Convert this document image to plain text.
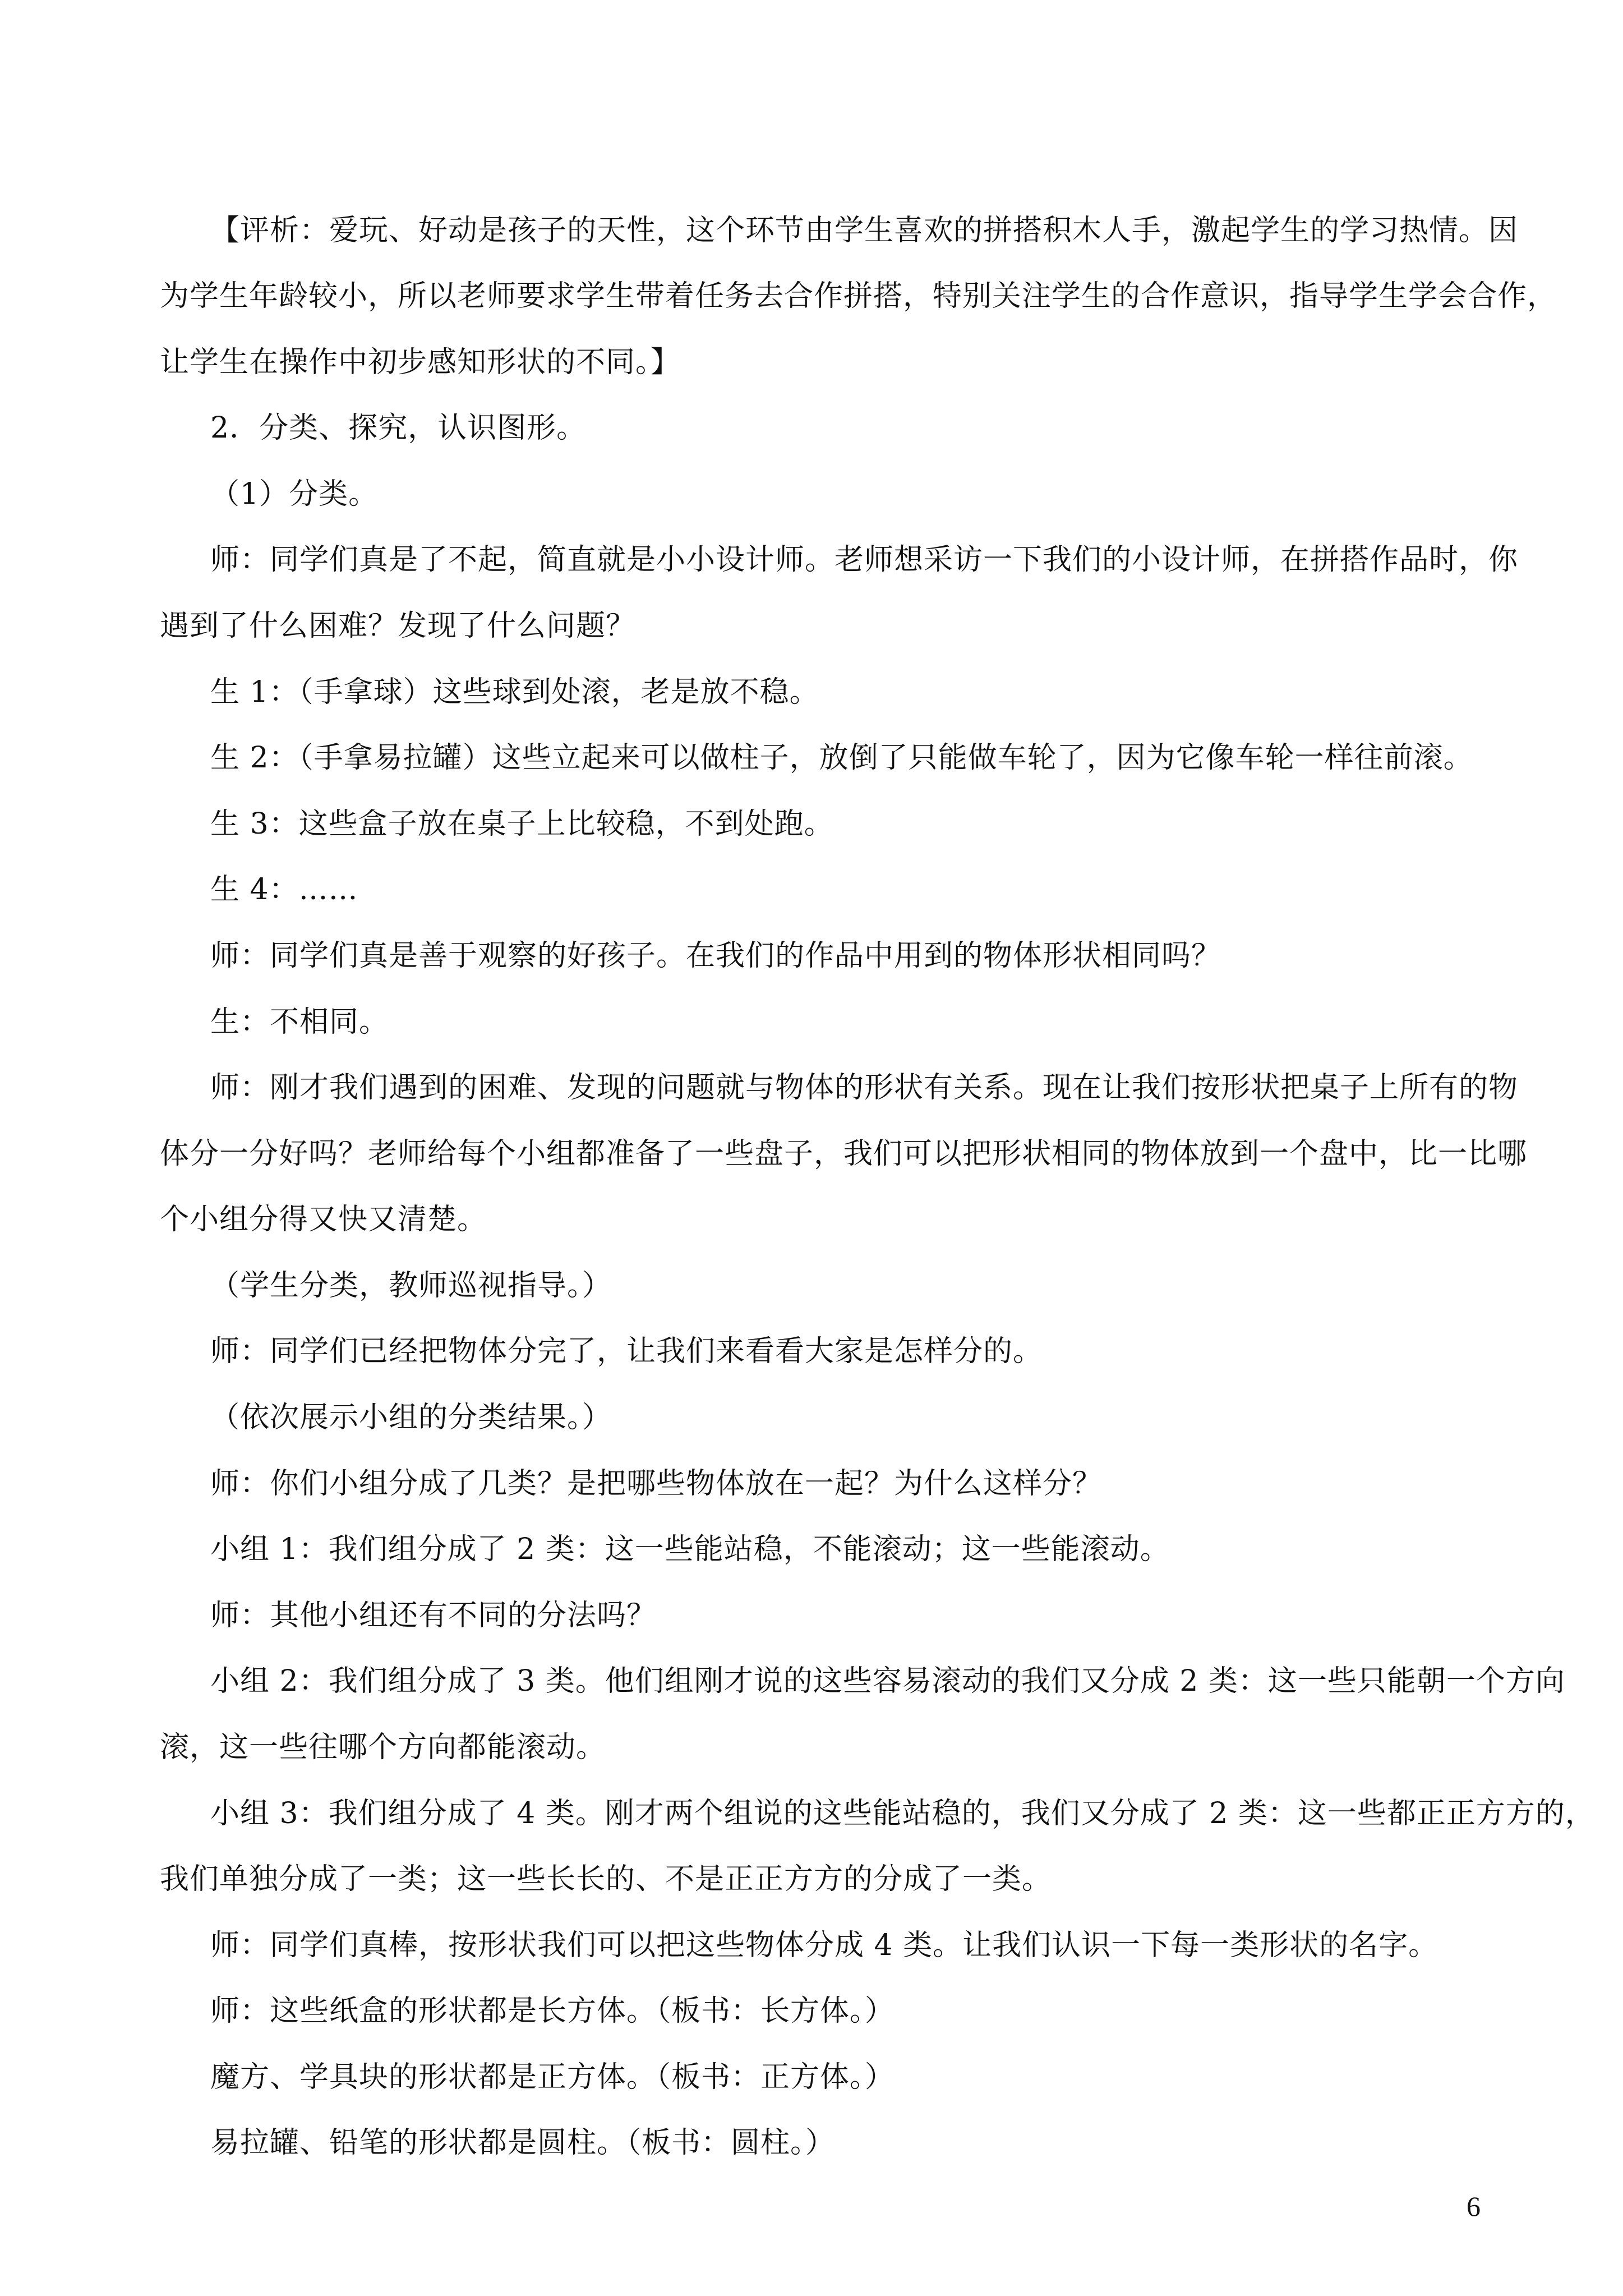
【评析：爱玩、好动是孩子的天性，这个环节由学生喜欢的拼搭积木人手，激起学生的学习热情。因
为学生年龄较小，所以老师要求学生带着任务去合作拼搭，特别关注学生的合作意识，指导学生学会合作，
让学生在操作中初步感知形状的不同。】
2．分类、探究，认识图形。
（1）分类。
师：同学们真是了不起，简直就是小小设计师。老师想采访一下我们的小设计师，在拼搭作品时，你
遇到了什么困难？发现了什么问题？
生 1：（手拿球）这些球到处滚，老是放不稳。
生 2：（手拿易拉罐）这些立起来可以做柱子，放倒了只能做车轮了，因为它像车轮一样往前滚。
生 3：这些盒子放在桌子上比较稳，不到处跑。
生 4：……
师：同学们真是善于观察的好孩子。在我们的作品中用到的物体形状相同吗？
生：不相同。
师：刚才我们遇到的困难、发现的问题就与物体的形状有关系。现在让我们按形状把桌子上所有的物
体分一分好吗？老师给每个小组都准备了一些盘子，我们可以把形状相同的物体放到一个盘中，比一比哪
个小组分得又快又清楚。
（学生分类，教师巡视指导。）
师：同学们已经把物体分完了，让我们来看看大家是怎样分的。
（依次展示小组的分类结果。）
师：你们小组分成了几类？是把哪些物体放在一起？为什么这样分？
小组 1：我们组分成了 2 类：这一些能站稳，不能滚动；这一些能滚动。
师：其他小组还有不同的分法吗？
小组 2：我们组分成了 3 类。他们组刚才说的这些容易滚动的我们又分成 2 类：这一些只能朝一个方向
滚，这一些往哪个方向都能滚动。
小组 3：我们组分成了 4 类。刚才两个组说的这些能站稳的，我们又分成了 2 类：这一些都正正方方的，
我们单独分成了一类；这一些长长的、不是正正方方的分成了一类。
师：同学们真棒，按形状我们可以把这些物体分成 4 类。让我们认识一下每一类形状的名字。
师：这些纸盒的形状都是长方体。（板书：长方体。）
魔方、学具块的形状都是正方体。（板书：正方体。）
易拉罐、铅笔的形状都是圆柱。（板书：圆柱。）
6
